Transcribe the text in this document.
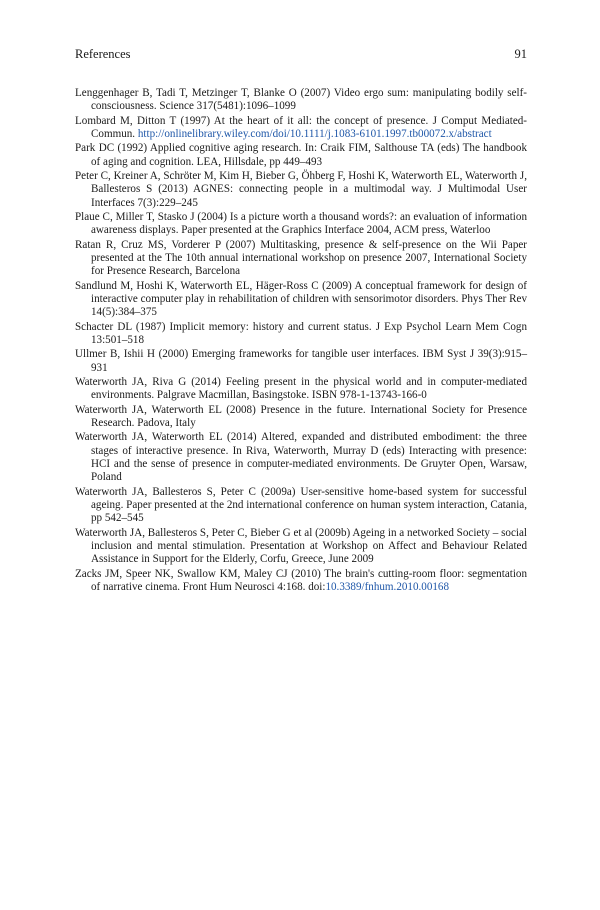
References	91
Lenggenhager B, Tadi T, Metzinger T, Blanke O (2007) Video ergo sum: manipulating bodily self-consciousness. Science 317(5481):1096–1099
Lombard M, Ditton T (1997) At the heart of it all: the concept of presence. J Comput Mediated-Commun. http://onlinelibrary.wiley.com/doi/10.1111/j.1083-6101.1997.tb00072.x/abstract
Park DC (1992) Applied cognitive aging research. In: Craik FIM, Salthouse TA (eds) The handbook of aging and cognition. LEA, Hillsdale, pp 449–493
Peter C, Kreiner A, Schröter M, Kim H, Bieber G, Öhberg F, Hoshi K, Waterworth EL, Waterworth J, Ballesteros S (2013) AGNES: connecting people in a multimodal way. J Multimodal User Interfaces 7(3):229–245
Plaue C, Miller T, Stasko J (2004) Is a picture worth a thousand words?: an evaluation of information awareness displays. Paper presented at the Graphics Interface 2004, ACM press, Waterloo
Ratan R, Cruz MS, Vorderer P (2007) Multitasking, presence & self-presence on the Wii Paper presented at the The 10th annual international workshop on presence 2007, International Society for Presence Research, Barcelona
Sandlund M, Hoshi K, Waterworth EL, Häger-Ross C (2009) A conceptual framework for design of interactive computer play in rehabilitation of children with sensorimotor disorders. Phys Ther Rev 14(5):384–375
Schacter DL (1987) Implicit memory: history and current status. J Exp Psychol Learn Mem Cogn 13:501–518
Ullmer B, Ishii H (2000) Emerging frameworks for tangible user interfaces. IBM Syst J 39(3):915–931
Waterworth JA, Riva G (2014) Feeling present in the physical world and in computer-mediated environments. Palgrave Macmillan, Basingstoke. ISBN 978-1-13743-166-0
Waterworth JA, Waterworth EL (2008) Presence in the future. International Society for Presence Research. Padova, Italy
Waterworth JA, Waterworth EL (2014) Altered, expanded and distributed embodiment: the three stages of interactive presence. In Riva, Waterworth, Murray D (eds) Interacting with presence: HCI and the sense of presence in computer-mediated environments. De Gruyter Open, Warsaw, Poland
Waterworth JA, Ballesteros S, Peter C (2009a) User-sensitive home-based system for successful ageing. Paper presented at the 2nd international conference on human system interaction, Catania, pp 542–545
Waterworth JA, Ballesteros S, Peter C, Bieber G et al (2009b) Ageing in a networked Society – social inclusion and mental stimulation. Presentation at Workshop on Affect and Behaviour Related Assistance in Support for the Elderly, Corfu, Greece, June 2009
Zacks JM, Speer NK, Swallow KM, Maley CJ (2010) The brain's cutting-room floor: segmentation of narrative cinema. Front Hum Neurosci 4:168. doi:10.3389/fnhum.2010.00168
